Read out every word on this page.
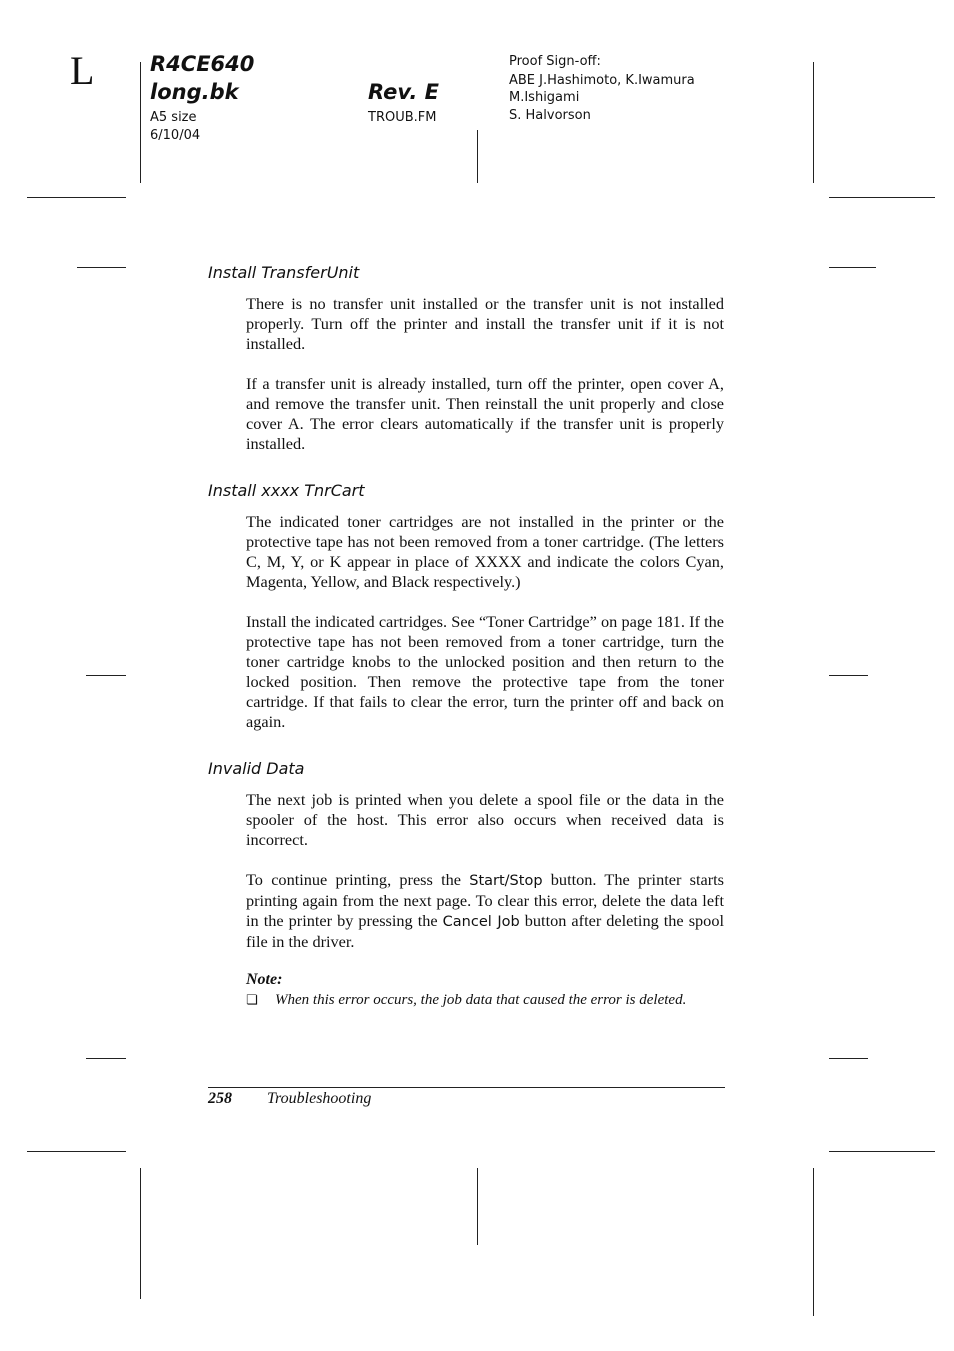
L	R4CE640
long.bk	Rev. E
A5 size
6/10/04
TROUB.FM
Proof Sign-off:
ABE J.Hashimoto, K.Iwamura
M.Ishigami
S. Halvorson
Install TransferUnit
There is no transfer unit installed or the transfer unit is not installed properly. Turn off the printer and install the transfer unit if it is not installed.
If a transfer unit is already installed, turn off the printer, open cover A, and remove the transfer unit. Then reinstall the unit properly and close cover A. The error clears automatically if the transfer unit is properly installed.
Install xxxx TnrCart
The indicated toner cartridges are not installed in the printer or the protective tape has not been removed from a toner cartridge. (The letters C, M, Y, or K appear in place of XXXX and indicate the colors Cyan, Magenta, Yellow, and Black respectively.)
Install the indicated cartridges. See “Toner Cartridge” on page 181. If the protective tape has not been removed from a toner cartridge, turn the toner cartridge knobs to the unlocked position and then return to the locked position. Then remove the protective tape from the toner cartridge. If that fails to clear the error, turn the printer off and back on again.
Invalid Data
The next job is printed when you delete a spool file or the data in the spooler of the host. This error also occurs when received data is incorrect.
To continue printing, press the Start/Stop button. The printer starts printing again from the next page. To clear this error, delete the data left in the printer by pressing the Cancel Job button after deleting the spool file in the driver.
Note:
❏ When this error occurs, the job data that caused the error is deleted.
258 Troubleshooting
